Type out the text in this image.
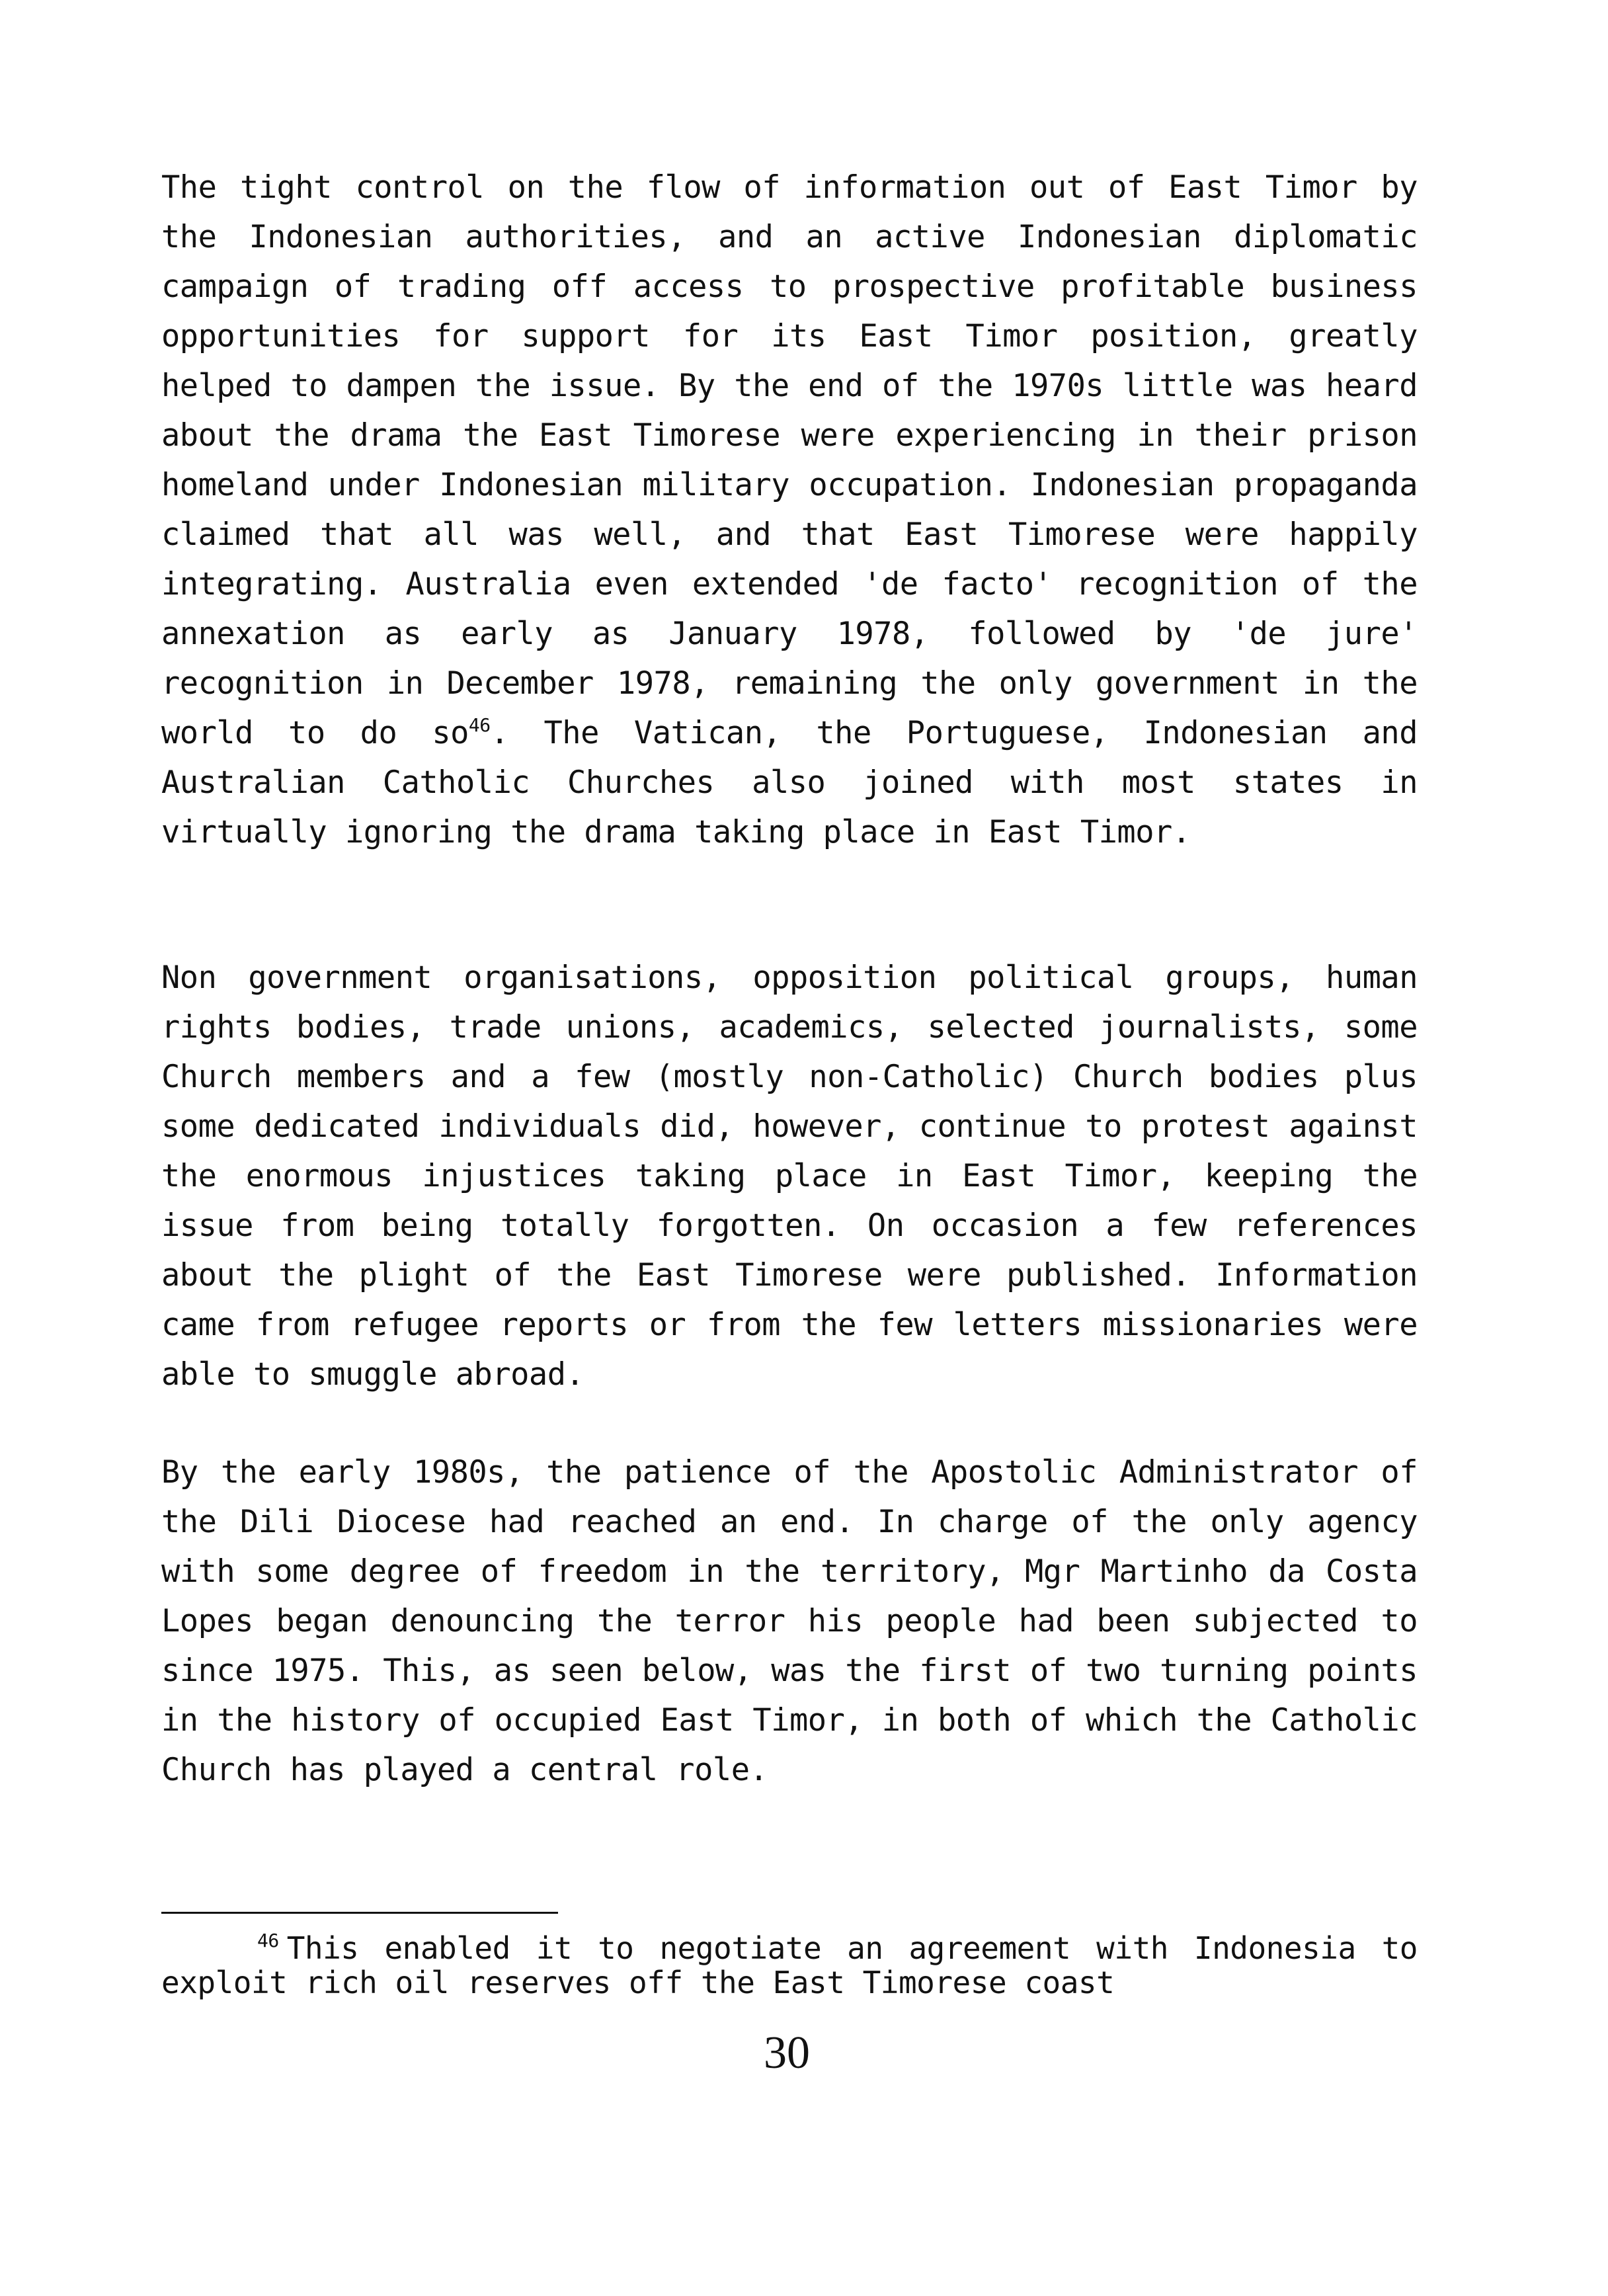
The tight control on the flow of information out of East Timor by the Indonesian authorities, and an active Indonesian diplomatic campaign of trading off access to prospective profitable business opportunities for support for its East Timor position, greatly helped to dampen the issue. By the end of the 1970s little was heard about the drama the East Timorese were experiencing in their prison homeland under Indonesian military occupation. Indonesian propaganda claimed that all was well, and that East Timorese were happily integrating. Australia even extended 'de facto' recognition of the annexation as early as January 1978, followed by 'de jure' recognition in December 1978, remaining the only government in the world to do so$^{46}$. The Vatican, the Portuguese, Indonesian and Australian Catholic Churches also joined with most states in virtually ignoring the drama taking place in East Timor.

Non government organisations, opposition political groups, human rights bodies, trade unions, academics, selected journalists, some Church members and a few (mostly non-Catholic) Church bodies plus some dedicated individuals did, however, continue to protest against the enormous injustices taking place in East Timor, keeping the issue from being totally forgotten. On occasion a few references about the plight of the East Timorese were published. Information came from refugee reports or from the few letters missionaries were able to smuggle abroad.

By the early 1980s, the patience of the Apostolic Administrator of the Dili Diocese had reached an end. In charge of the only agency with some degree of freedom in the territory, Mgr Martinho da Costa Lopes began denouncing the terror his people had been subjected to since 1975. This, as seen below, was the first of two turning points in the history of occupied East Timor, in both of which the Catholic Church has played a central role.

$^{46}$ This enabled it to negotiate an agreement with Indonesia to exploit rich oil reserves off the East Timorese coast

30
